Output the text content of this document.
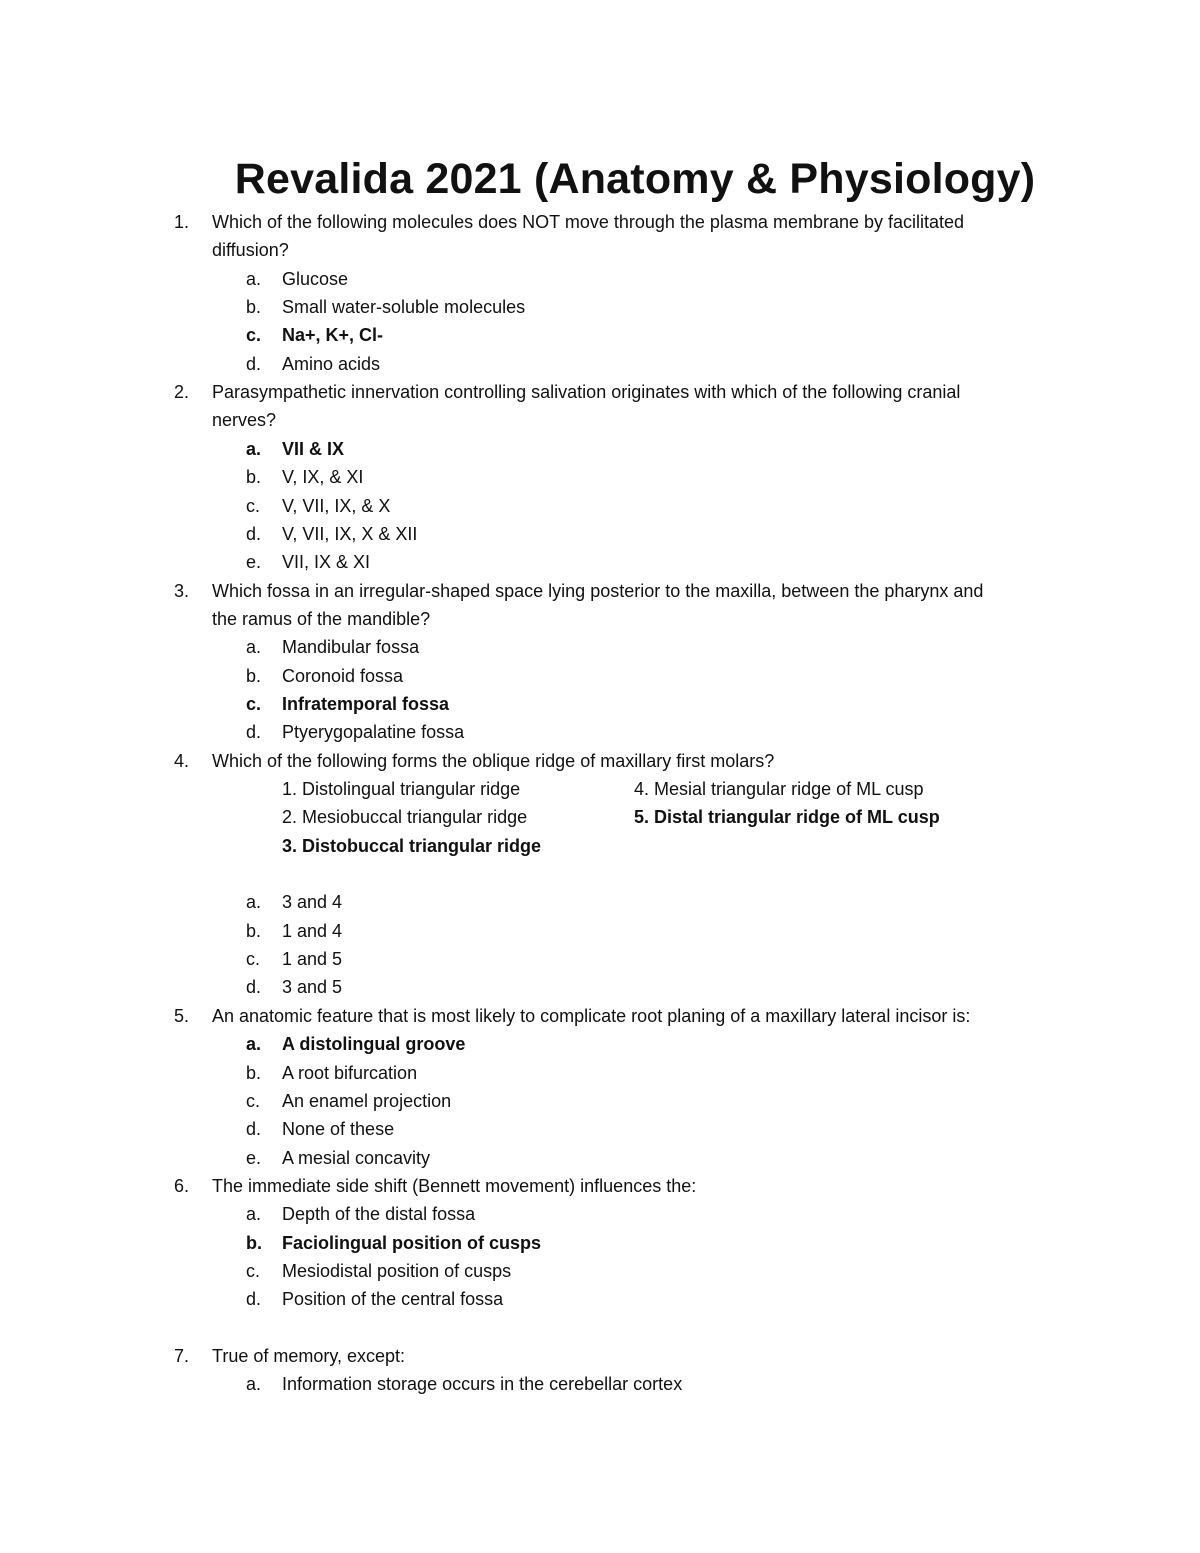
Revalida 2021 (Anatomy & Physiology)
1. Which of the following molecules does NOT move through the plasma membrane by facilitated
diffusion?
a. Glucose
b. Small water-soluble molecules
c. Na+, K+, Cl-
d. Amino acids
2. Parasympathetic innervation controlling salivation originates with which of the following cranial
nerves?
a. VII & IX
b. V, IX, & XI
c. V, VII, IX, & X
d. V, VII, IX, X & XII
e. VII, IX & XI
3. Which fossa in an irregular-shaped space lying posterior to the maxilla, between the pharynx and
the ramus of the mandible?
a. Mandibular fossa
b. Coronoid fossa
c. Infratemporal fossa
d. Ptyerygopalatine fossa
4. Which of the following forms the oblique ridge of maxillary first molars?
1. Distolingual triangular ridge	4. Mesial triangular ridge of ML cusp
2. Mesiobuccal triangular ridge	5. Distal triangular ridge of ML cusp
3. Distobuccal triangular ridge
a. 3 and 4
b. 1 and 4
c. 1 and 5
d. 3 and 5
5. An anatomic feature that is most likely to complicate root planing of a maxillary lateral incisor is:
a. A distolingual groove
b. A root bifurcation
c. An enamel projection
d. None of these
e. A mesial concavity
6. The immediate side shift (Bennett movement) influences the:
a. Depth of the distal fossa
b. Faciolingual position of cusps
c. Mesiodistal position of cusps
d. Position of the central fossa
7. True of memory, except:
a. Information storage occurs in the cerebellar cortex
